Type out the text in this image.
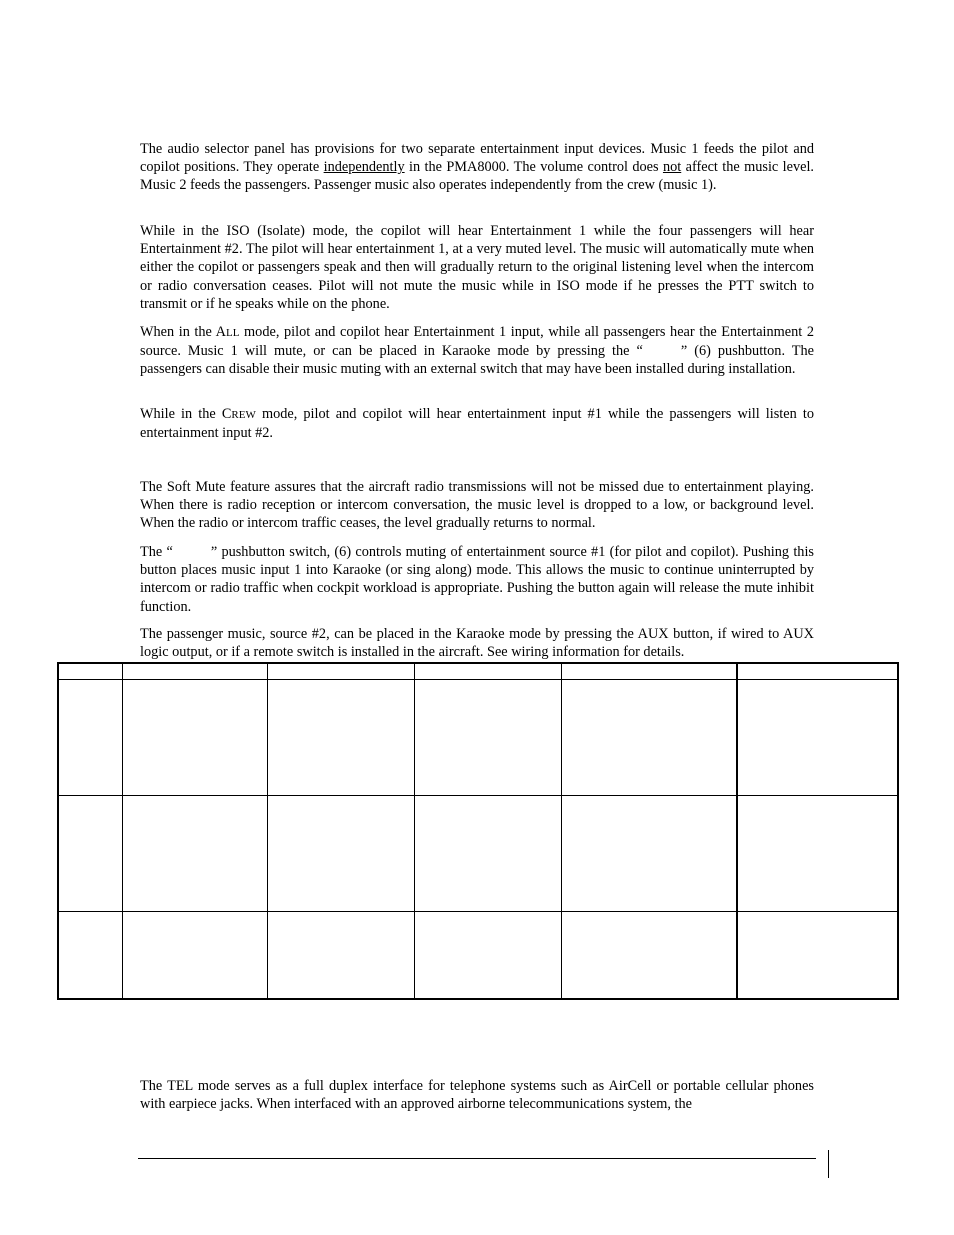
The audio selector panel has provisions for two separate entertainment input devices. Music 1 feeds the pilot and copilot positions. They operate independently in the PMA8000. The volume control does not affect the music level. Music 2 feeds the passengers. Passenger music also operates independently from the crew (music 1).

While in the ISO (Isolate) mode, the copilot will hear Entertainment 1 while the four passengers will hear Entertainment #2. The pilot will hear entertainment 1, at a very muted level. The music will automatically mute when either the copilot or passengers speak and then will gradually return to the original listening level when the intercom or radio conversation ceases. Pilot will not mute the music while in ISO mode if he presses the PTT switch to transmit or if he speaks while on the phone.

When in the ALL mode, pilot and copilot hear Entertainment 1 input, while all passengers hear the Entertainment 2 source. Music 1 will mute, or can be placed in Karaoke mode by pressing the “	” (6) pushbutton. The passengers can disable their music muting with an external switch that may have been installed during installation.

While in the CREW mode, pilot and copilot will hear entertainment input #1 while the passengers will listen to entertainment input #2.

The Soft Mute feature assures that the aircraft radio transmissions will not be missed due to entertainment playing. When there is radio reception or intercom conversation, the music level is dropped to a low, or background level. When the radio or intercom traffic ceases, the level gradually returns to normal.

The “	” pushbutton switch, (6) controls muting of entertainment source #1 (for pilot and copilot). Pushing this button places music input 1 into Karaoke (or sing along) mode. This allows the music to continue uninterrupted by intercom or radio traffic when cockpit workload is appropriate. Pushing the button again will release the mute inhibit function.

The passenger music, source #2, can be placed in the Karaoke mode by pressing the AUX button, if wired to AUX logic output, or if a remote switch is installed in the aircraft. See wiring information for details.

The TEL mode serves as a full duplex interface for telephone systems such as AirCell or portable cellular phones with earpiece jacks. When interfaced with an approved airborne telecommunications system, the
